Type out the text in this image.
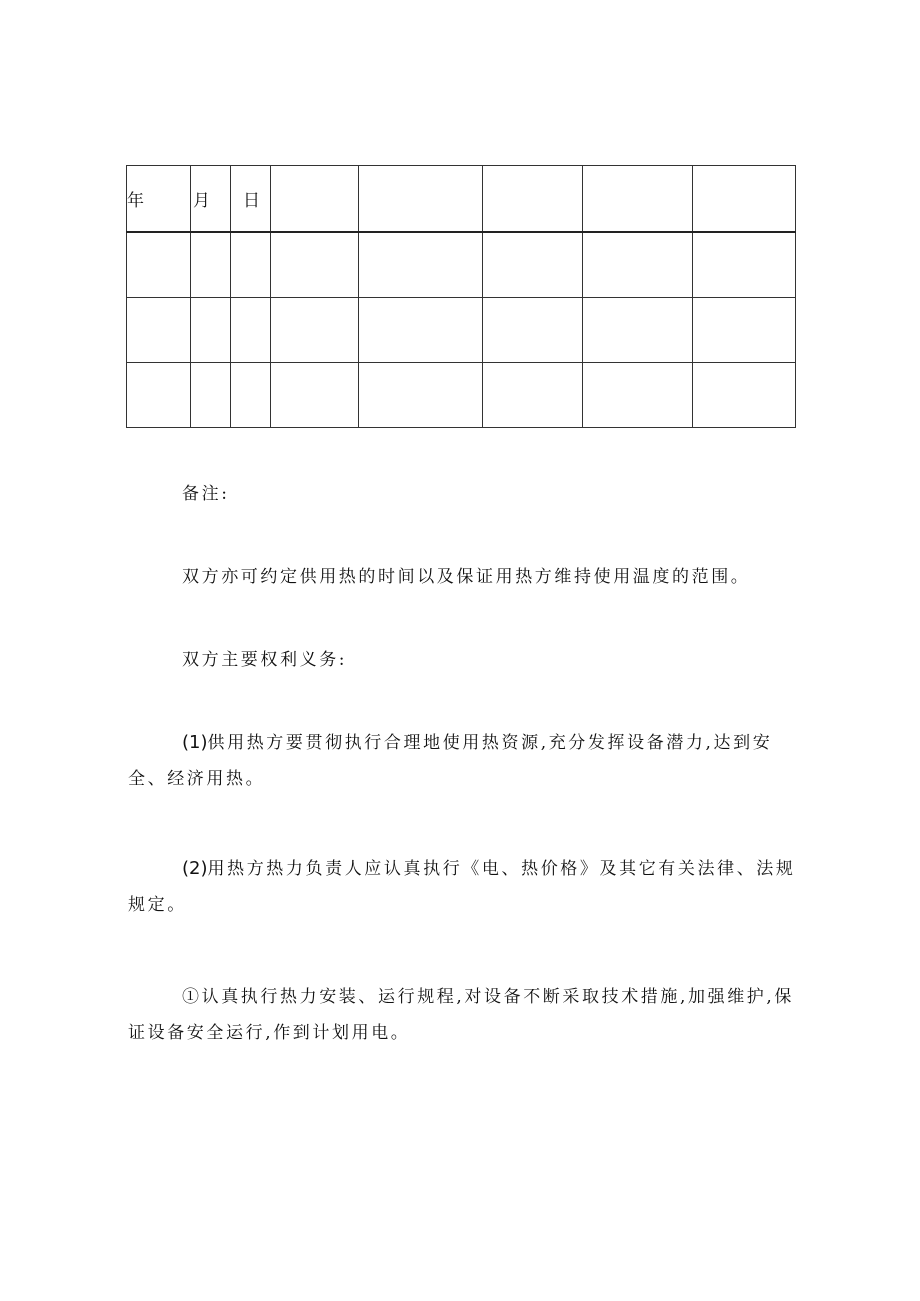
年	月	日					

备注:

双方亦可约定供用热的时间以及保证用热方维持使用温度的范围。

双方主要权利义务:

(1)供用热方要贯彻执行合理地使用热资源,充分发挥设备潜力,达到安全、经济用热。

(2)用热方热力负责人应认真执行《电、热价格》及其它有关法律、法规规定。

①认真执行热力安装、运行规程,对设备不断采取技术措施,加强维护,保证设备安全运行,作到计划用电。
